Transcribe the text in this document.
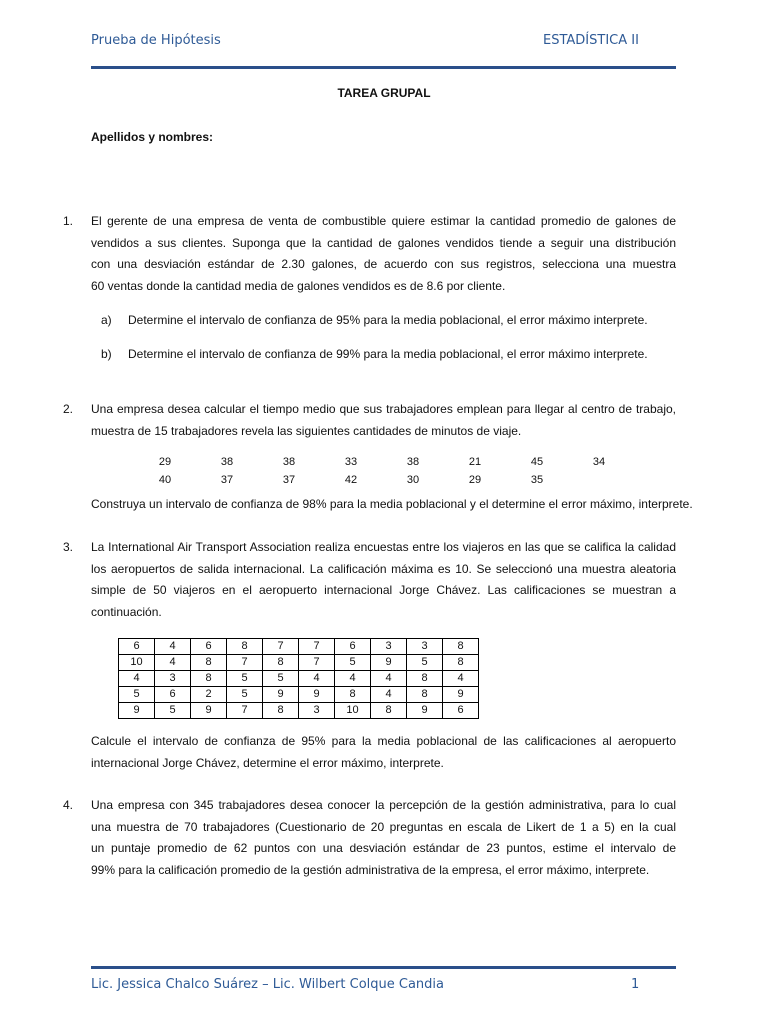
Prueba de Hipótesis	ESTADÍSTICA II
TAREA GRUPAL
Apellidos y nombres:
1. El gerente de una empresa de venta de combustible quiere estimar la cantidad promedio de galones de
vendidos a sus clientes. Suponga que la cantidad de galones vendidos tiende a seguir una distribución
con una desviación estándar de 2.30 galones, de acuerdo con sus registros, selecciona una muestra
60 ventas donde la cantidad media de galones vendidos es de 8.6 por cliente.
a) Determine el intervalo de confianza de 95% para la media poblacional, el error máximo interprete.
b) Determine el intervalo de confianza de 99% para la media poblacional, el error máximo interprete.
2. Una empresa desea calcular el tiempo medio que sus trabajadores emplean para llegar al centro de trabajo,
muestra de 15 trabajadores revela las siguientes cantidades de minutos de viaje.
29	38	38	33	38	21	45	34
40	37	37	42	30	29	35
Construya un intervalo de confianza de 98% para la media poblacional y el determine el error máximo, interprete.
3. La International Air Transport Association realiza encuestas entre los viajeros en las que se califica la calidad
los aeropuertos de salida internacional. La calificación máxima es 10. Se seleccionó una muestra aleatoria
simple de 50 viajeros en el aeropuerto internacional Jorge Chávez. Las calificaciones se muestran a
continuación.
6	4	6	8	7	7	6	3	3	8
10	4	8	7	8	7	5	9	5	8
4	3	8	5	5	4	4	4	8	4
5	6	2	5	9	9	8	4	8	9
9	5	9	7	8	3	10	8	9	6
Calcule el intervalo de confianza de 95% para la media poblacional de las calificaciones al aeropuerto
internacional Jorge Chávez, determine el error máximo, interprete.
4. Una empresa con 345 trabajadores desea conocer la percepción de la gestión administrativa, para lo cual
una muestra de 70 trabajadores (Cuestionario de 20 preguntas en escala de Likert de 1 a 5) en la cual
un puntaje promedio de 62 puntos con una desviación estándar de 23 puntos, estime el intervalo de
99% para la calificación promedio de la gestión administrativa de la empresa, el error máximo, interprete.
Lic. Jessica Chalco Suárez – Lic. Wilbert Colque Candia	1
